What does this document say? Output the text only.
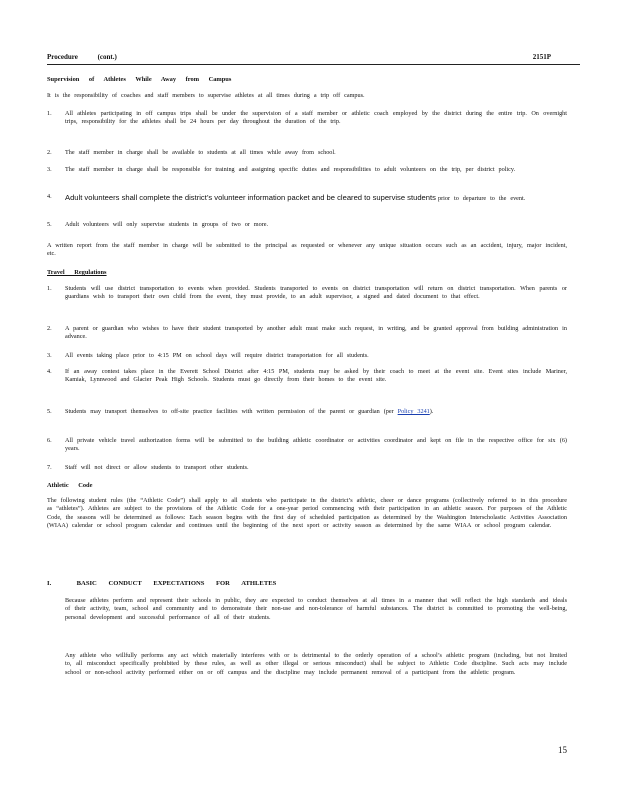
Procedure	(cont.)	2151P
Supervision of Athletes While Away from Campus
It is the responsibility of coaches and staff members to supervise athletes at all times during a trip off campus.
1.	All athletes participating in off campus trips shall be under the supervision of a staff member or athletic coach employed by the district during the entire trip. On overnight trips, responsibility for the athletes shall be 24 hours per day throughout the duration of the trip.
2.	The staff member in charge shall be available to students at all times while away from school.
3.	The staff member in charge shall be responsible for training and assigning specific duties and responsibilities to adult volunteers on the trip, per district policy.
4.	Adult volunteers shall complete the district’s volunteer information packet and be cleared to supervise students prior to departure to the event.
5.	Adult volunteers will only supervise students in groups of two or more.
A written report from the staff member in charge will be submitted to the principal as requested or whenever any unique situation occurs such as an accident, injury, major incident, etc.
Travel Regulations
1.	Students will use district transportation to events when provided. Students transported to events on district transportation will return on district transportation. When parents or guardians wish to transport their own child from the event, they must provide, to an adult supervisor, a signed and dated document to that effect.
2.	A parent or guardian who wishes to have their student transported by another adult must make such request, in writing, and be granted approval from building administration in advance.
3.	All events taking place prior to 4:15 PM on school days will require district transportation for all students.
4.	If an away contest takes place in the Everett School District after 4:15 PM, students may be asked by their coach to meet at the event site. Event sites include Mariner, Kamiak, Lynnwood and Glacier Peak High Schools. Students must go directly from their homes to the event site.
5.	Students may transport themselves to off-site practice facilities with written permission of the parent or guardian (per Policy 3241).
6.	All private vehicle travel authorization forms will be submitted to the building athletic coordinator or activities coordinator and kept on file in the respective office for six (6) years.
7.	Staff will not direct or allow students to transport other students.
Athletic Code
The following student rules (the “Athletic Code”) shall apply to all students who participate in the district’s athletic, cheer or dance programs (collectively referred to in this procedure as “athletes”). Athletes are subject to the provisions of the Athletic Code for a one-year period commencing with their participation in an athletic season. For purposes of the Athletic Code, the seasons will be determined as follows: Each season begins with the first day of scheduled participation as determined by the Washington Interscholastic Activities Association (WIAA) calendar or school program calendar and continues until the beginning of the next sport or activity season as determined by the same WIAA or school program calendar.
I.	BASIC CONDUCT EXPECTATIONS FOR ATHLETES
Because athletes perform and represent their schools in public, they are expected to conduct themselves at all times in a manner that will reflect the high standards and ideals of their activity, team, school and community and to demonstrate their non-use and non-tolerance of harmful substances. The district is committed to promoting the well-being, personal development and successful performance of all of their students.
Any athlete who willfully performs any act which materially interferes with or is detrimental to the orderly operation of a school’s athletic program (including, but not limited to, all misconduct specifically prohibited by these rules, as well as other illegal or serious misconduct) shall be subject to Athletic Code discipline. Such acts may include school or non-school activity performed either on or off campus and the discipline may include permanent removal of a participant from the athletic program.
15
